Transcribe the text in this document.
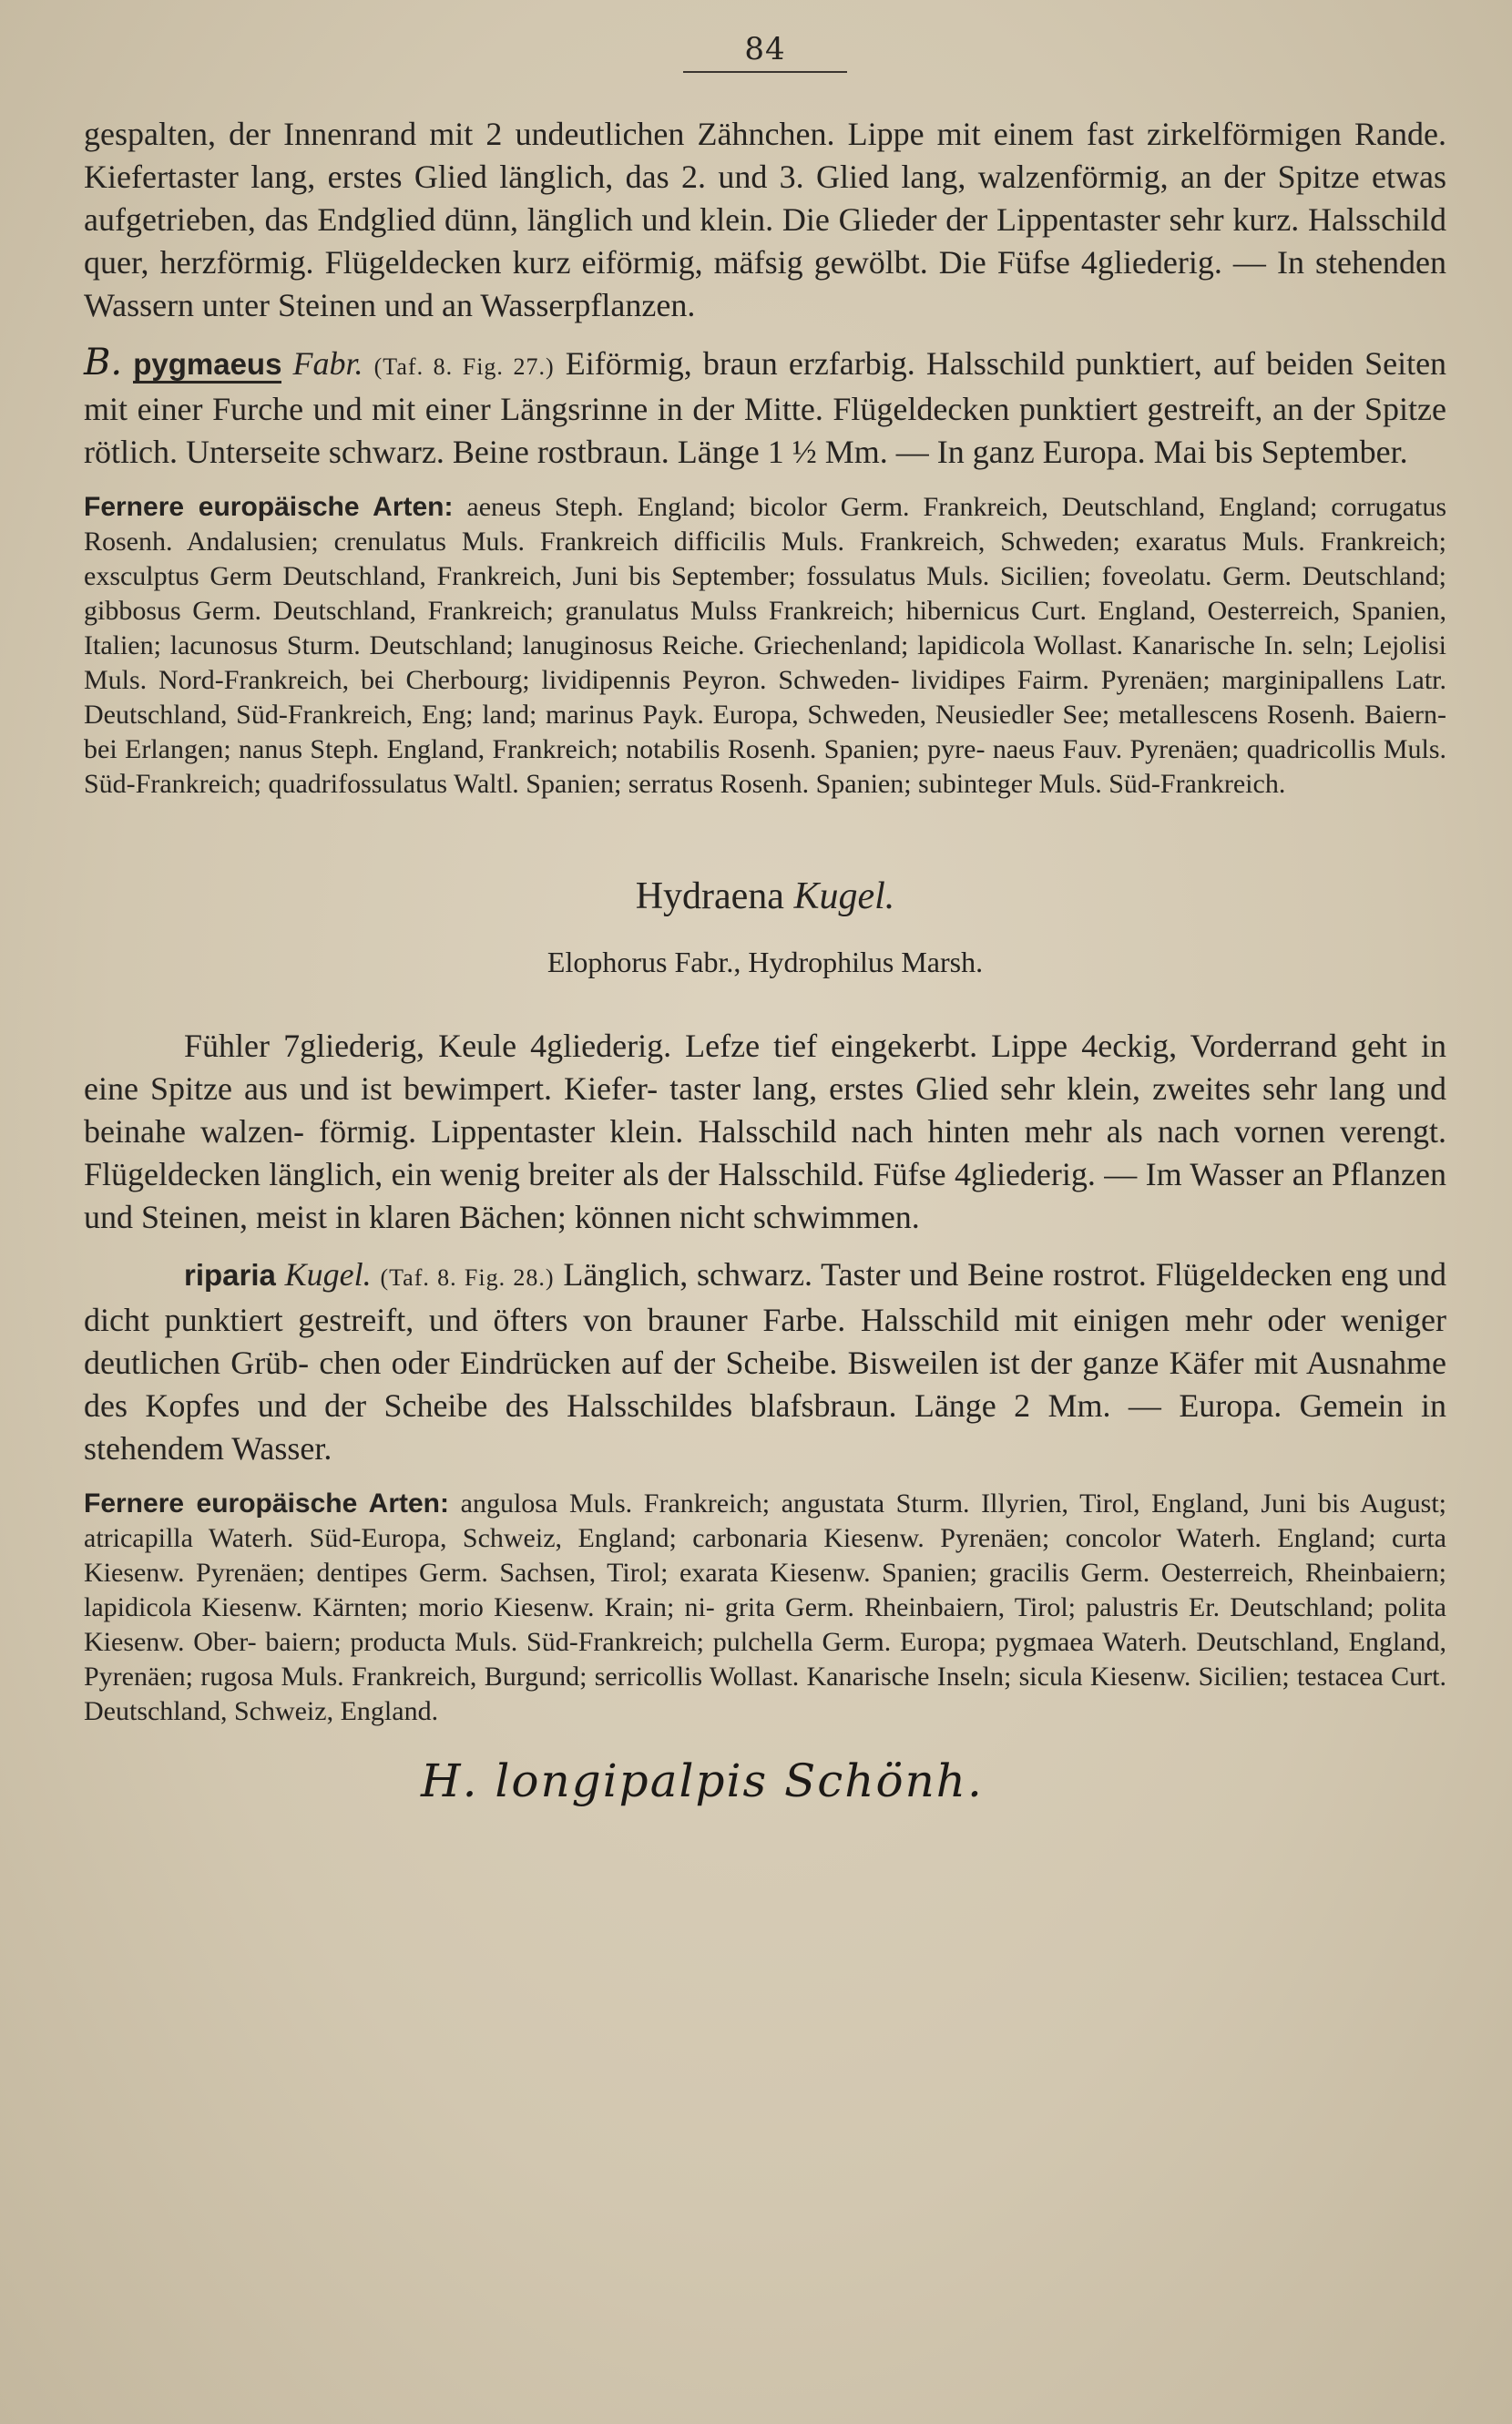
84

gespalten, der Innenrand mit 2 undeutlichen Zähnchen. Lippe mit einem fast zirkelförmigen Rande. Kiefertaster lang, erstes Glied länglich, das 2. und 3. Glied lang, walzenförmig, an der Spitze etwas aufgetrieben, das Endglied dünn, länglich und klein. Die Glieder der Lippentaster sehr kurz. Halsschild quer, herzförmig. Flügeldecken kurz eiförmig, mäfsig gewölbt. Die Füfse 4gliederig. — In stehenden Wassern unter Steinen und an Wasserpflanzen.

B. pygmaeus Fabr. (Taf. 8. Fig. 27.) Eiförmig, braun erzfarbig. Halsschild punktiert, auf beiden Seiten mit einer Furche und mit einer Längsrinne in der Mitte. Flügeldecken punktiert gestreift, an der Spitze rötlich. Unterseite schwarz. Beine rostbraun. Länge 1 ½ Mm. — In ganz Europa. Mai bis September.

Fernere europäische Arten: aeneus Steph. England; bicolor Germ. Frankreich, Deutschland, England; corrugatus Rosenh. Andalusien; crenulatus Muls. Frankreich difficilis Muls. Frankreich, Schweden; exaratus Muls. Frankreich; exsculptus Germ Deutschland, Frankreich, Juni bis September; fossulatus Muls. Sicilien; foveolatu. Germ. Deutschland; gibbosus Germ. Deutschland, Frankreich; granulatus Mulss Frankreich; hibernicus Curt. England, Oesterreich, Spanien, Italien; lacunosus Sturm. Deutschland; lanuginosus Reiche. Griechenland; lapidicola Wollast. Kanarische In. seln; Lejolisi Muls. Nord-Frankreich, bei Cherbourg; lividipennis Peyron. Schweden- lividipes Fairm. Pyrenäen; marginipallens Latr. Deutschland, Süd-Frankreich, Eng; land; marinus Payk. Europa, Schweden, Neusiedler See; metallescens Rosenh. Baiern- bei Erlangen; nanus Steph. England, Frankreich; notabilis Rosenh. Spanien; pyre- naeus Fauv. Pyrenäen; quadricollis Muls. Süd-Frankreich; quadrifossulatus Waltl. Spanien; serratus Rosenh. Spanien; subinteger Muls. Süd-Frankreich.

Hydraena Kugel.
Elophorus Fabr., Hydrophilus Marsh.

Fühler 7gliederig, Keule 4gliederig. Lefze tief eingekerbt. Lippe 4eckig, Vorderrand geht in eine Spitze aus und ist bewimpert. Kiefer- taster lang, erstes Glied sehr klein, zweites sehr lang und beinahe walzen- förmig. Lippentaster klein. Halsschild nach hinten mehr als nach vornen verengt. Flügeldecken länglich, ein wenig breiter als der Halsschild. Füfse 4gliederig. — Im Wasser an Pflanzen und Steinen, meist in klaren Bächen; können nicht schwimmen.

riparia Kugel. (Taf. 8. Fig. 28.) Länglich, schwarz. Taster und Beine rostrot. Flügeldecken eng und dicht punktiert gestreift, und öfters von brauner Farbe. Halsschild mit einigen mehr oder weniger deutlichen Grüb- chen oder Eindrücken auf der Scheibe. Bisweilen ist der ganze Käfer mit Ausnahme des Kopfes und der Scheibe des Halsschildes blafsbraun. Länge 2 Mm. — Europa. Gemein in stehendem Wasser.

Fernere europäische Arten: angulosa Muls. Frankreich; angustata Sturm. Illyrien, Tirol, England, Juni bis August; atricapilla Waterh. Süd-Europa, Schweiz, England; carbonaria Kiesenw. Pyrenäen; concolor Waterh. England; curta Kiesenw. Pyrenäen; dentipes Germ. Sachsen, Tirol; exarata Kiesenw. Spanien; gracilis Germ. Oesterreich, Rheinbaiern; lapidicola Kiesenw. Kärnten; morio Kiesenw. Krain; ni- grita Germ. Rheinbaiern, Tirol; palustris Er. Deutschland; polita Kiesenw. Ober- baiern; producta Muls. Süd-Frankreich; pulchella Germ. Europa; pygmaea Waterh. Deutschland, England, Pyrenäen; rugosa Muls. Frankreich, Burgund; serricollis Wollast. Kanarische Inseln; sicula Kiesenw. Sicilien; testacea Curt. Deutschland, Schweiz, England.

H. longipalpis Schönh.
